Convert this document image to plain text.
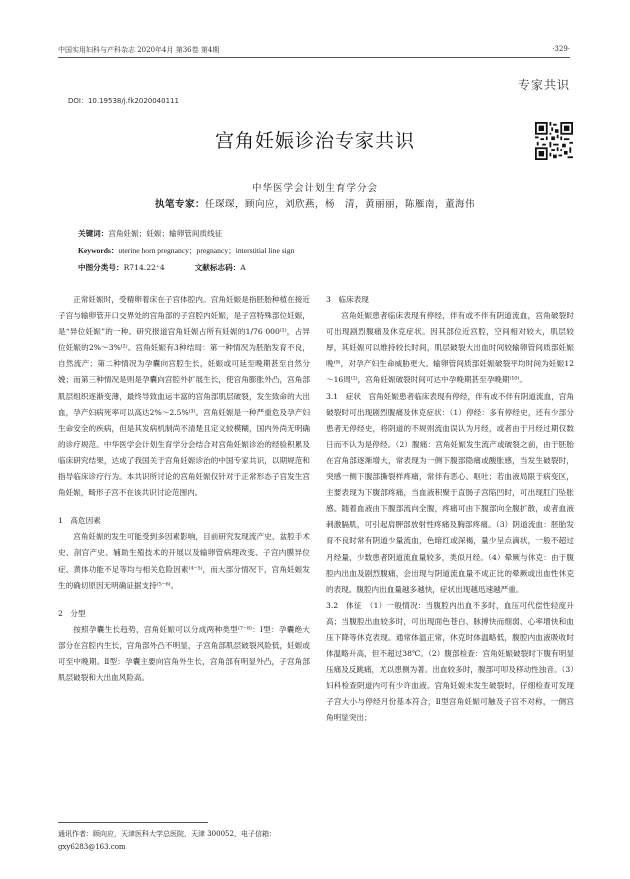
中国实用妇科与产科杂志 2020年4月 第36卷 第4期	·329·
专家共识
DOI：10.19538/j.fk2020040111
宫角妊娠诊治专家共识
中华医学会计划生育学分会
执笔专家：任琛琛，顾向应，刘欣燕，杨　清，黄丽丽，陈雁南，董海伟
关键词：宫角妊娠；妊娠；输卵管间质线征
Keywords：uterine horn pregnancy；pregnancy；interstitial line sign
中图分类号：R714.22⁺4	文献标志码：A

正常妊娠时，受精卵着床在子宫体腔内。宫角妊娠是指胚胎种植在接近子宫与输卵管开口交界处的宫角部的子宫腔内妊娠，是子宫特殊部位妊娠，是“异位妊娠”的一种。研究报道宫角妊娠占所有妊娠的1/76 000⁽¹⁾，占异位妊娠的2%～3%⁽²⁾。宫角妊娠有3种结局：第一种情况为胚胎发育不良，自然流产；第二种情况为孕囊向宫腔生长，妊娠或可延至晚期甚至自然分娩；而第三种情况是则是孕囊向宫腔外扩展生长，使宫角膨胀外凸，宫角部肌层组织逐渐变薄，最终导致血运丰富的宫角部肌层破裂，发生致命的大出血，孕产妇病死率可以高达2%～2.5%⁽³⁾。宫角妊娠是一种严重危及孕产妇生命安全的疾病，但是其发病机制尚不清楚且定义较模糊，国内外尚无明确的诊疗规范。中华医学会计划生育学分会结合对宫角妊娠诊治的经验积累及临床研究结果，达成了我国关于宫角妊娠诊治的中国专家共识，以期规范和指导临床诊疗行为。本共识所讨论的宫角妊娠仅针对于正常形态子宫发生宫角妊娠，畸形子宫不在该共识讨论范围内。

1　高危因素

宫角妊娠的发生可能受到多因素影响，目前研究发现流产史、盆腔手术史、剖宫产史、辅助生殖技术的开展以及输卵管病理改变、子宫内膜异位症、黄体功能不足等均与相关危险因素⁽⁴⁻⁵⁾，而大部分情况下，宫角妊娠发生的确切原因无明确证据支持⁽⁵⁻⁶⁾。

2　分型

按照孕囊生长趋势，宫角妊娠可以分成两种类型⁽⁷⁻⁸⁾：Ⅰ型：孕囊绝大部分在宫腔内生长，宫角部外凸不明显，子宫角部肌层破裂风险低，妊娠或可至中晚期。Ⅱ型：孕囊主要向宫角外生长，宫角部有明显外凸，子宫角部肌层破裂和大出血风险高。

通讯作者：顾向应，天津医科大学总医院，天津 300052，电子信箱：gxy6283@163.com

3　临床表现

宫角妊娠患者临床表现有停经，伴有或不伴有阴道流血，宫角破裂时可出现剧烈腹痛及休克症状。因其部位近宫腔，空间相对较大，肌层较厚，其妊娠可以维持较长时间，肌层破裂大出血时间较输卵管间质部妊娠晚⁽⁹⁾，对孕产妇生命威胁更大。输卵管间质部妊娠破裂平均时间为妊娠12～16周⁽²⁾，宫角妊娠破裂时间可达中孕晚期甚至孕晚期⁽¹⁰⁾。

3.1　症状　宫角妊娠患者临床表现有停经，伴有或不伴有阴道流血，宫角破裂时可出现剧烈腹痛及休克症状：（1）停经：多有停经史，还有少部分患者无停经史，将阴道的不规则流血误认为月经，或者由于月经过期仅数日而不认为是停经。（2）腹痛：宫角妊娠发生流产或破裂之前，由于胚胎在宫角部逐渐增大，常表现为一侧下腹部隐痛或酸胀感，当发生破裂时，突感一侧下腹部撕裂样疼痛，常伴有恶心、呕吐；若血液局限于病变区，主要表现为下腹部疼痛，当血液积聚于直肠子宫陷凹时，可出现肛门坠胀感。随着血液由下腹部流向全腹，疼痛可由下腹部向全腹扩散，或者血液刺激膈肌，可引起肩胛部放射性疼痛及胸部疼痛。（3）阴道流血：胚胎发育不良时常有阴道少量流血，色暗红或深褐，量少呈点滴状，一般不超过月经量，少数患者阴道流血量较多，类似月经。（4）晕厥与休克：由于腹腔内出血及剧烈腹痛，会出现与阴道流血量不成正比的晕厥或出血性休克的表现。腹腔内出血量越多越快，症状出现越迅速越严重。

3.2　体征　（1）一般情况：当腹腔内出血不多时，血压可代偿性轻度升高；当腹腔出血较多时，可出现面色苍白、脉搏快而细弱、心率增快和血压下降等休克表现。通常体温正常，休克时体温略低，腹腔内血液吸收时体温略升高，但不超过38℃。（2）腹部检查：宫角妊娠破裂时下腹有明显压痛及反跳痛，尤以患侧为著。出血较多时，腹部可叩及移动性浊音。（3）妇科检查阴道内可有少许血液。宫角妊娠未发生破裂时，仔细检查可发现子宫大小与停经月份基本符合，Ⅱ型宫角妊娠可触及子宫不对称，一侧宫角明显突出；
